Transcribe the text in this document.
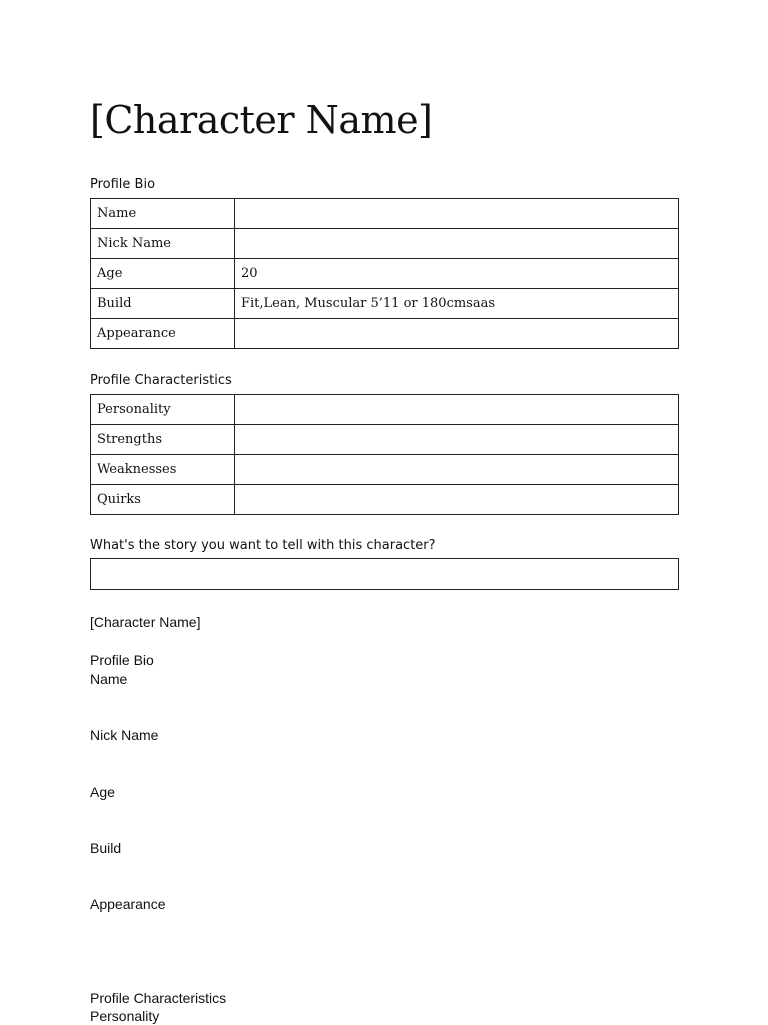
[Character Name]
Profile Bio
Name	
Nick Name	
Age	20
Build	Fit,Lean, Muscular 5’11 or 180cmsaas
Appearance	
Profile Characteristics
Personality	
Strengths	
Weaknesses	
Quirks	
What's the story you want to tell with this character?

[Character Name]

Profile Bio

Name

Nick Name

Age

Build

Appearance

Profile Characteristics

Personality
